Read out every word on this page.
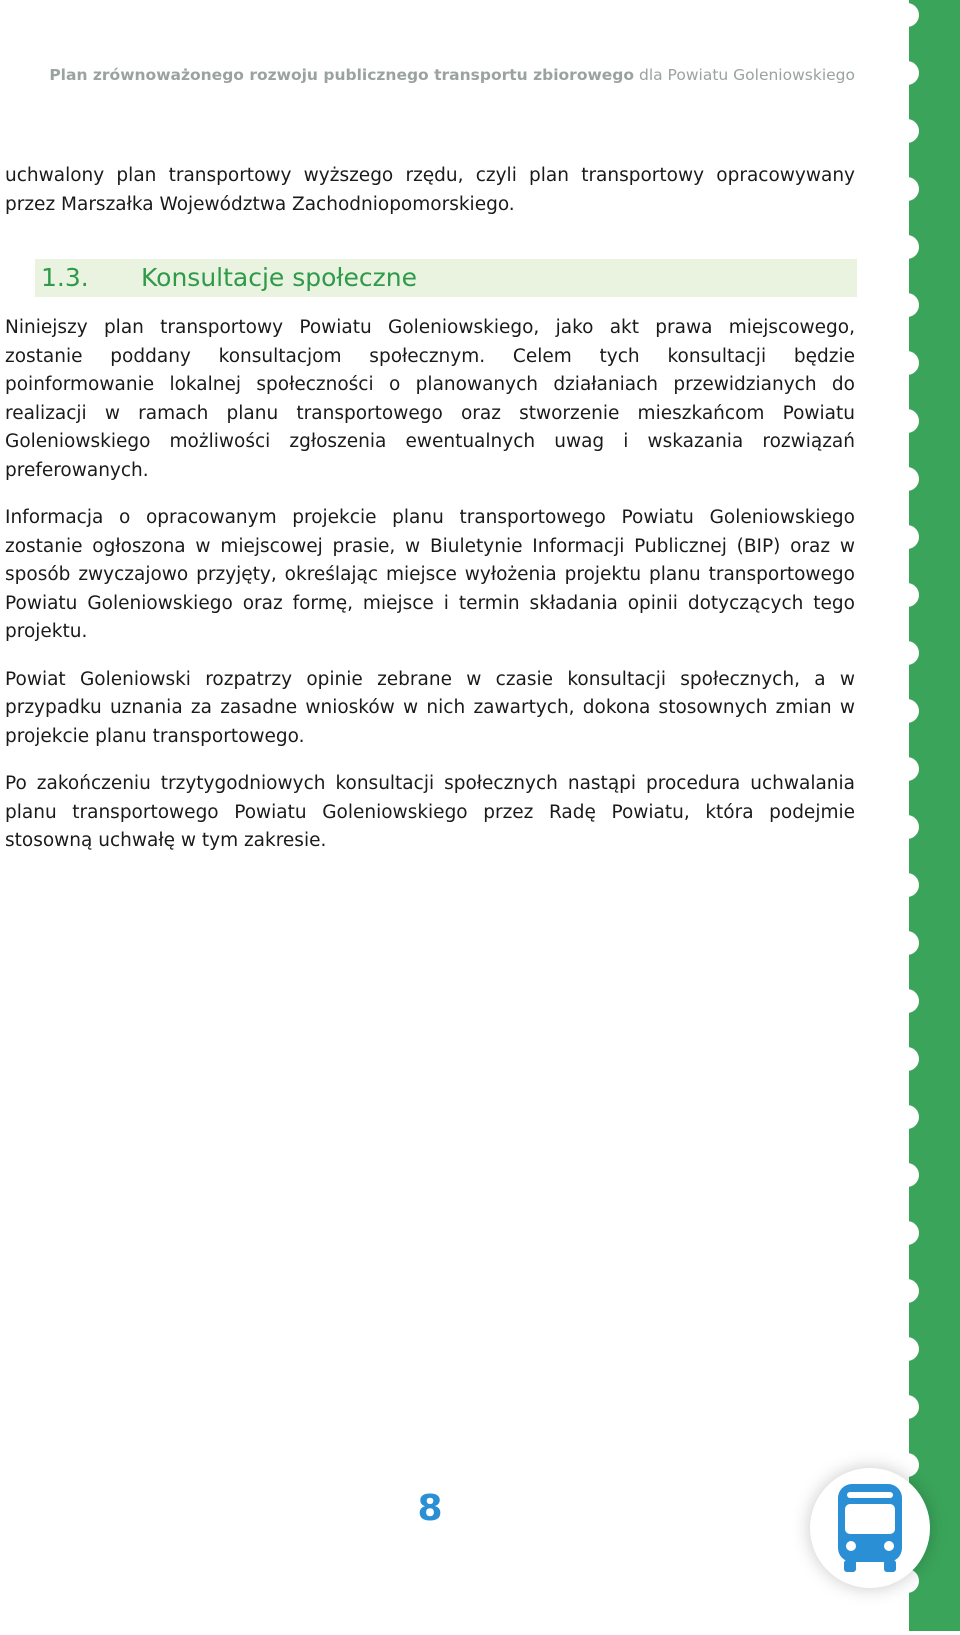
Plan zrównoważonego rozwoju publicznego transportu zbiorowego dla Powiatu Goleniowskiego

uchwalony plan transportowy wyższego rzędu, czyli plan transportowy opracowywany przez Marszałka Województwa Zachodniopomorskiego.

1.3. Konsultacje społeczne

Niniejszy plan transportowy Powiatu Goleniowskiego, jako akt prawa miejscowego, zostanie poddany konsultacjom społecznym. Celem tych konsultacji będzie poinformowanie lokalnej społeczności o planowanych działaniach przewidzianych do realizacji w ramach planu transportowego oraz stworzenie mieszkańcom Powiatu Goleniowskiego możliwości zgłoszenia ewentualnych uwag i wskazania rozwiązań preferowanych.

Informacja o opracowanym projekcie planu transportowego Powiatu Goleniowskiego zostanie ogłoszona w miejscowej prasie, w Biuletynie Informacji Publicznej (BIP) oraz w sposób zwyczajowo przyjęty, określając miejsce wyłożenia projektu planu transportowego Powiatu Goleniowskiego oraz formę, miejsce i termin składania opinii dotyczących tego projektu.

Powiat Goleniowski rozpatrzy opinie zebrane w czasie konsultacji społecznych, a w przypadku uznania za zasadne wniosków w nich zawartych, dokona stosownych zmian w projekcie planu transportowego.

Po zakończeniu trzytygodniowych konsultacji społecznych nastąpi procedura uchwalania planu transportowego Powiatu Goleniowskiego przez Radę Powiatu, która podejmie stosowną uchwałę w tym zakresie.

8
